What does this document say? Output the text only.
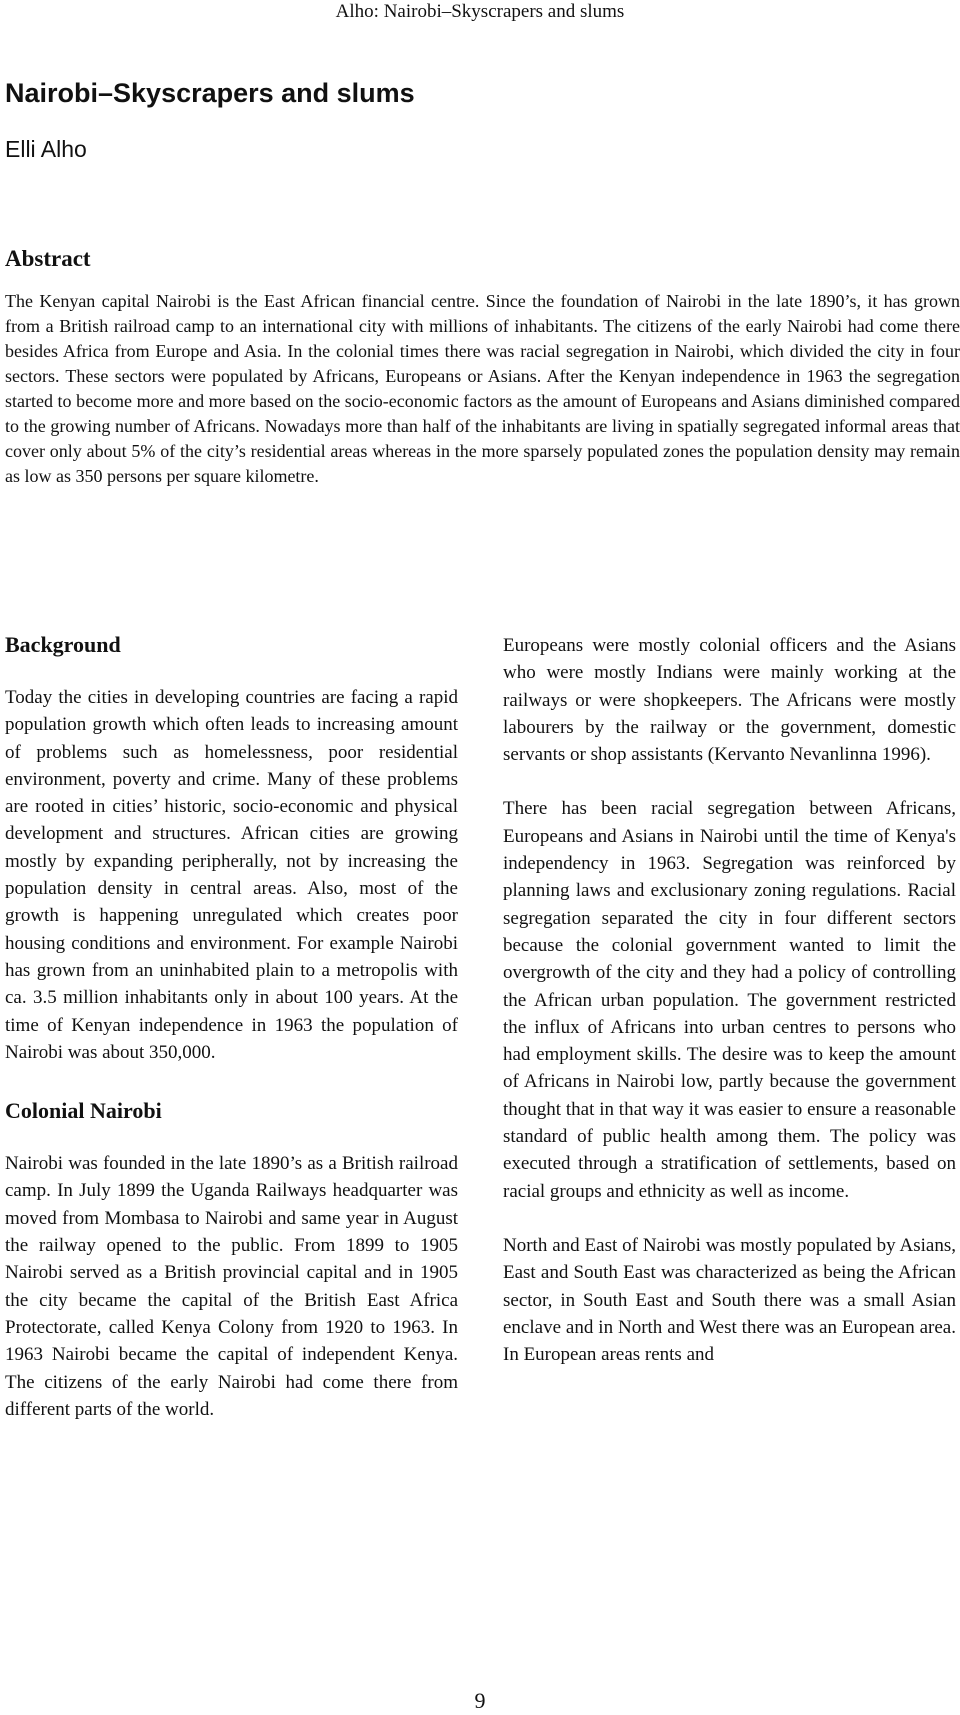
Alho: Nairobi–Skyscrapers and slums
Nairobi–Skyscrapers and slums
Elli Alho
Abstract

The Kenyan capital Nairobi is the East African financial centre. Since the foundation of Nairobi in the late 1890’s, it has grown from a British railroad camp to an international city with millions of inhabitants. The citizens of the early Nairobi had come there besides Africa from Europe and Asia. In the colonial times there was racial segregation in Nairobi, which divided the city in four sectors. These sectors were populated by Africans, Europeans or Asians. After the Kenyan independence in 1963 the segregation started to become more and more based on the socio-economic factors as the amount of Europeans and Asians diminished compared to the growing number of Africans. Nowadays more than half of the inhabitants are living in spatially segregated informal areas that cover only about 5% of the city’s residential areas whereas in the more sparsely populated zones the population density may remain as low as 350 persons per square kilometre.

Background

Today the cities in developing countries are facing a rapid population growth which often leads to increasing amount of problems such as homelessness, poor residential environment, poverty and crime. Many of these problems are rooted in cities’ historic, socio-economic and physical development and structures. African cities are growing mostly by expanding peripherally, not by increasing the population density in central areas. Also, most of the growth is happening unregulated which creates poor housing conditions and environment. For example Nairobi has grown from an uninhabited plain to a metropolis with ca. 3.5 million inhabitants only in about 100 years. At the time of Kenyan independence in 1963 the population of Nairobi was about 350,000.

Colonial Nairobi

Nairobi was founded in the late 1890’s as a British railroad camp. In July 1899 the Uganda Railways headquarter was moved from Mombasa to Nairobi and same year in August the railway opened to the public. From 1899 to 1905 Nairobi served as a British provincial capital and in 1905 the city became the capital of the British East Africa Protectorate, called Kenya Colony from 1920 to 1963. In 1963 Nairobi became the capital of independent Kenya. The citizens of the early Nairobi had come there from different parts of the world.

Europeans were mostly colonial officers and the Asians who were mostly Indians were mainly working at the railways or were shopkeepers. The Africans were mostly labourers by the railway or the government, domestic servants or shop assistants (Kervanto Nevanlinna 1996).

There has been racial segregation between Africans, Europeans and Asians in Nairobi until the time of Kenya's independency in 1963. Segregation was reinforced by planning laws and exclusionary zoning regulations. Racial segregation separated the city in four different sectors because the colonial government wanted to limit the overgrowth of the city and they had a policy of controlling the African urban population. The government restricted the influx of Africans into urban centres to persons who had employment skills. The desire was to keep the amount of Africans in Nairobi low, partly because the government thought that in that way it was easier to ensure a reasonable standard of public health among them. The policy was executed through a stratification of settlements, based on racial groups and ethnicity as well as income.

North and East of Nairobi was mostly populated by Asians, East and South East was characterized as being the African sector, in South East and South there was a small Asian enclave and in North and West there was an European area. In European areas rents and

9
